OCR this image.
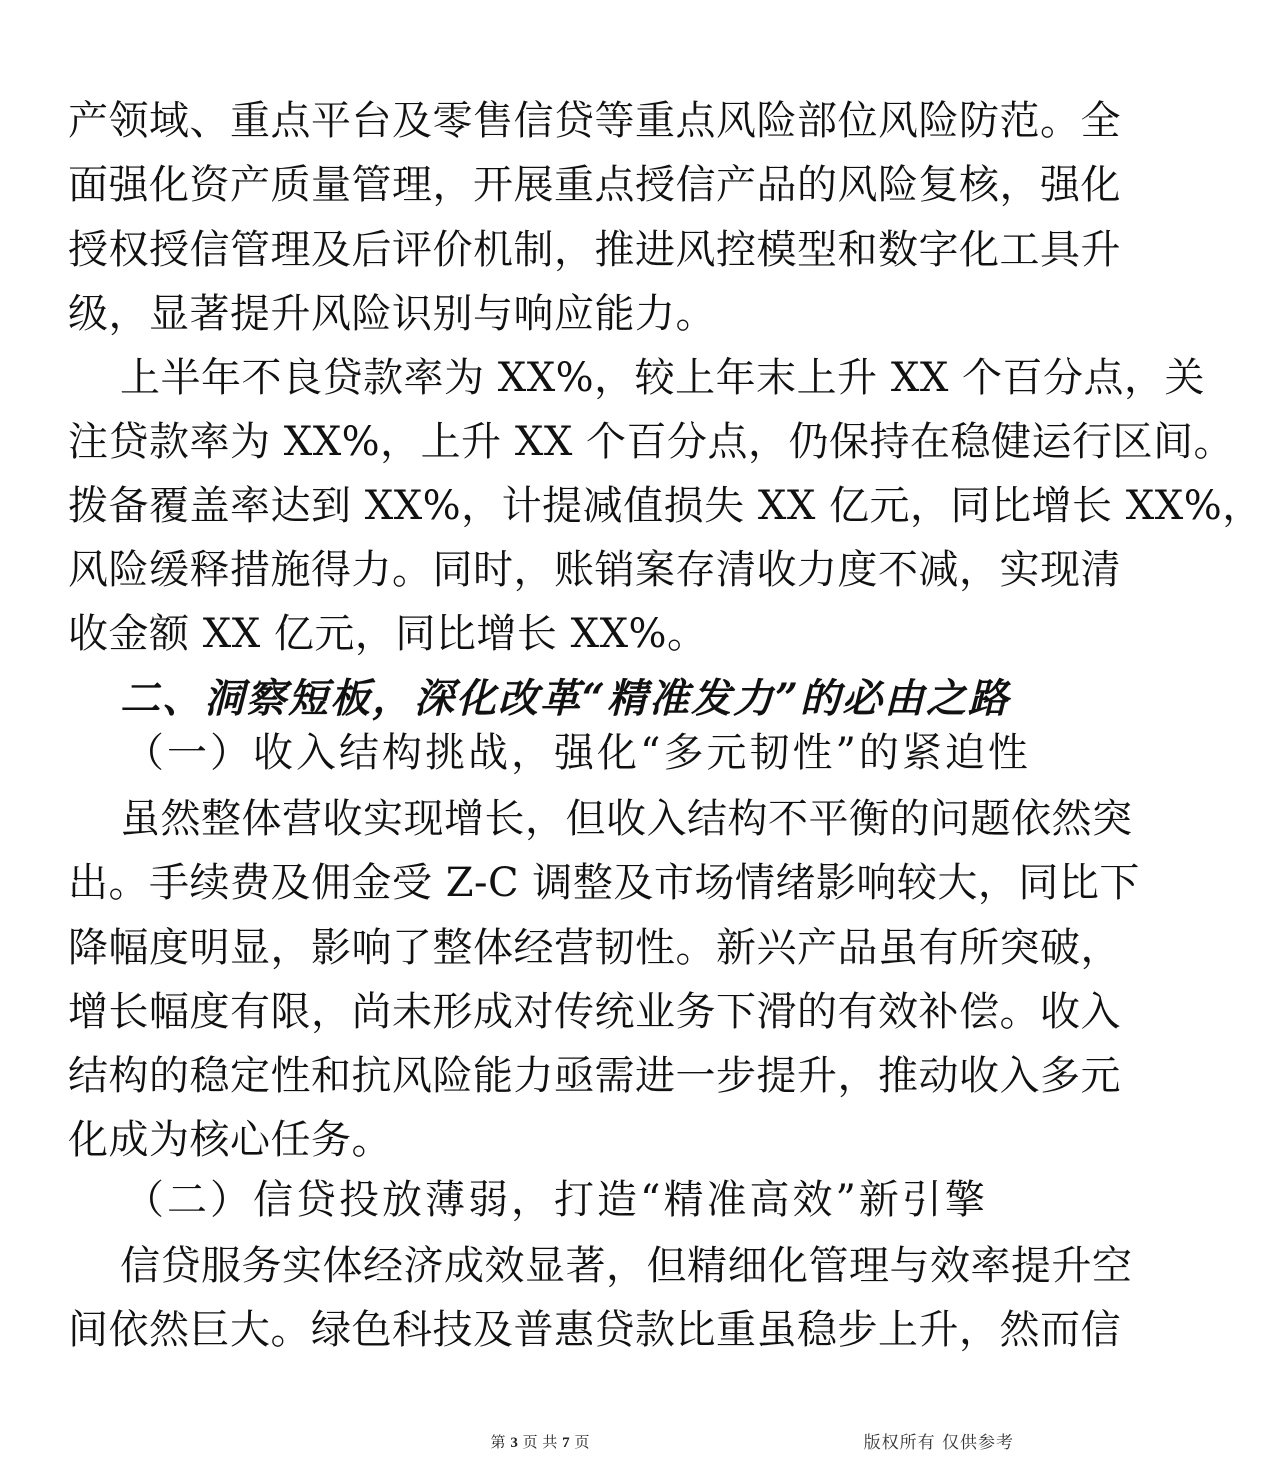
产领域、重点平台及零售信贷等重点风险部位风险防范。全
面强化资产质量管理，开展重点授信产品的风险复核，强化
授权授信管理及后评价机制，推进风控模型和数字化工具升
级，显著提升风险识别与响应能力。
上半年不良贷款率为 XX%，较上年末上升 XX 个百分点，关
注贷款率为 XX%，上升 XX 个百分点，仍保持在稳健运行区间。
拨备覆盖率达到 XX%，计提减值损失 XX 亿元，同比增长 XX%，
风险缓释措施得力。同时，账销案存清收力度不减，实现清
收金额 XX 亿元，同比增长 XX%。
二、洞察短板，深化改革“精准发力”的必由之路
（一）收入结构挑战，强化“多元韧性”的紧迫性
虽然整体营收实现增长，但收入结构不平衡的问题依然突
出。手续费及佣金受 Z-C 调整及市场情绪影响较大，同比下
降幅度明显，影响了整体经营韧性。新兴产品虽有所突破，
增长幅度有限，尚未形成对传统业务下滑的有效补偿。收入
结构的稳定性和抗风险能力亟需进一步提升，推动收入多元
化成为核心任务。
（二）信贷投放薄弱，打造“精准高效”新引擎
信贷服务实体经济成效显著，但精细化管理与效率提升空
间依然巨大。绿色科技及普惠贷款比重虽稳步上升，然而信
第 3 页 共 7 页	版权所有 仅供参考
